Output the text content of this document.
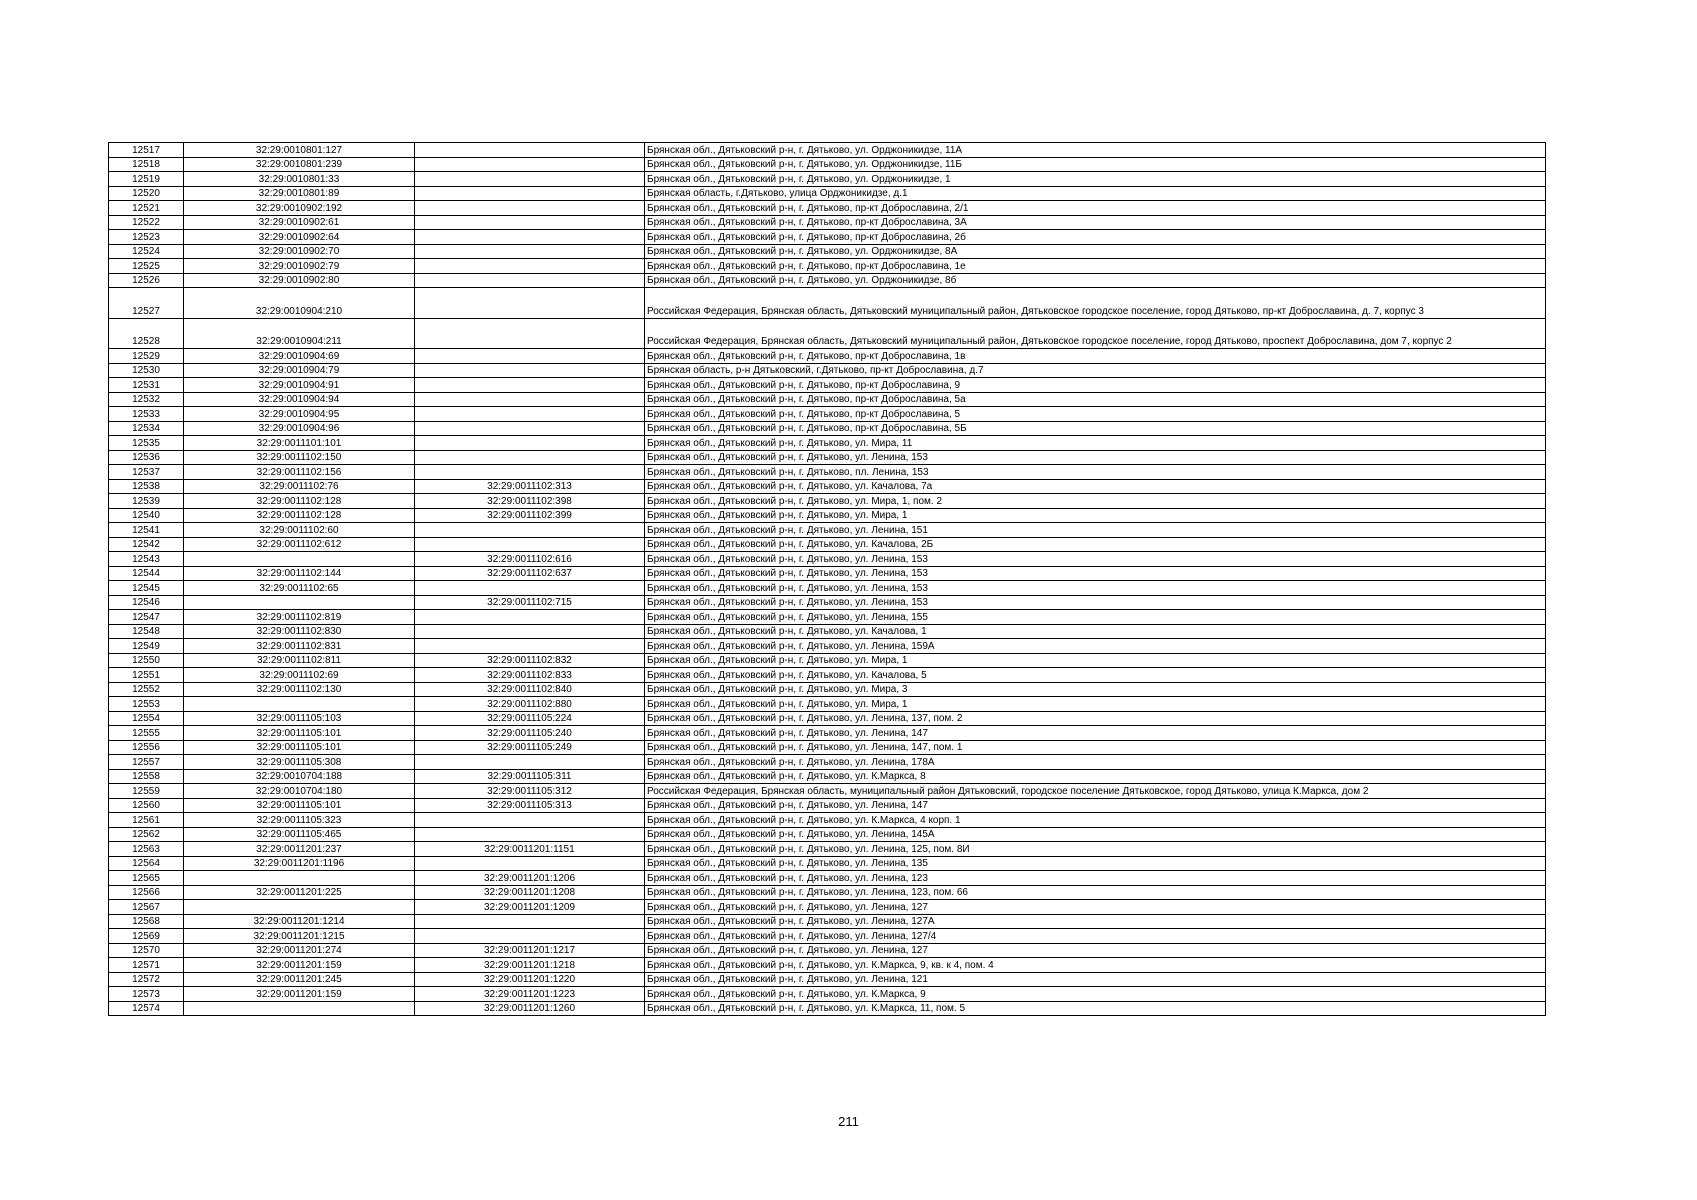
12517	32:29:0010801:127		Брянская обл., Дятьковский р-н, г. Дятьково, ул. Орджоникидзе, 11А
12518	32:29:0010801:239		Брянская обл., Дятьковский р-н, г. Дятьково, ул. Орджоникидзе, 11Б
12519	32:29:0010801:33		Брянская обл., Дятьковский р-н, г. Дятьково, ул. Орджоникидзе, 1
12520	32:29:0010801:89		Брянская область, г.Дятьково, улица Орджоникидзе, д.1
12521	32:29:0010902:192		Брянская обл., Дятьковский р-н, г. Дятьково, пр-кт Доброславина, 2/1
12522	32:29:0010902:61		Брянская обл., Дятьковский р-н, г. Дятьково, пр-кт Доброславина, 3А
12523	32:29:0010902:64		Брянская обл., Дятьковский р-н, г. Дятьково, пр-кт Доброславина, 2б
12524	32:29:0010902:70		Брянская обл., Дятьковский р-н, г. Дятьково, ул. Орджоникидзе, 8А
12525	32:29:0010902:79		Брянская обл., Дятьковский р-н, г. Дятьково, пр-кт Доброславина, 1е
12526	32:29:0010902:80		Брянская обл., Дятьковский р-н, г. Дятьково, ул. Орджоникидзе, 8б
12527	32:29:0010904:210		Российская Федерация, Брянская область, Дятьковский муниципальный район, Дятьковское городское поселение, город Дятьково, пр-кт Доброславина, д. 7, корпус 3
12528	32:29:0010904:211		Российская Федерация, Брянская область, Дятьковский муниципальный район, Дятьковское городское поселение, город Дятьково, проспект Доброславина, дом 7, корпус 2
12529	32:29:0010904:69		Брянская обл., Дятьковский р-н, г. Дятьково, пр-кт Доброславина, 1в
12530	32:29:0010904:79		Брянская область, р-н Дятьковский, г.Дятьково, пр-кт Доброславина, д.7
12531	32:29:0010904:91		Брянская обл., Дятьковский р-н, г. Дятьково, пр-кт Доброславина, 9
12532	32:29:0010904:94		Брянская обл., Дятьковский р-н, г. Дятьково, пр-кт Доброславина, 5а
12533	32:29:0010904:95		Брянская обл., Дятьковский р-н, г. Дятьково, пр-кт Доброславина, 5
12534	32:29:0010904:96		Брянская обл., Дятьковский р-н, г. Дятьково, пр-кт Доброславина, 5Б
12535	32:29:0011101:101		Брянская обл., Дятьковский р-н, г. Дятьково, ул. Мира, 11
12536	32:29:0011102:150		Брянская обл., Дятьковский р-н, г. Дятьково, ул. Ленина, 153
12537	32:29:0011102:156		Брянская обл., Дятьковский р-н, г. Дятьково, пл. Ленина, 153
12538	32:29:0011102:76	32:29:0011102:313	Брянская обл., Дятьковский р-н, г. Дятьково, ул. Качалова, 7а
12539	32:29:0011102:128	32:29:0011102:398	Брянская обл., Дятьковский р-н, г. Дятьково, ул. Мира, 1, пом. 2
12540	32:29:0011102:128	32:29:0011102:399	Брянская обл., Дятьковский р-н, г. Дятьково, ул. Мира, 1
12541	32:29:0011102:60		Брянская обл., Дятьковский р-н, г. Дятьково, ул. Ленина, 151
12542	32:29:0011102:612		Брянская обл., Дятьковский р-н, г. Дятьково, ул. Качалова, 2Б
12543		32:29:0011102:616	Брянская обл., Дятьковский р-н, г. Дятьково, ул. Ленина, 153
12544	32:29:0011102:144	32:29:0011102:637	Брянская обл., Дятьковский р-н, г. Дятьково, ул. Ленина, 153
12545	32:29:0011102:65		Брянская обл., Дятьковский р-н, г. Дятьково, ул. Ленина, 153
12546		32:29:0011102:715	Брянская обл., Дятьковский р-н, г. Дятьково, ул. Ленина, 153
12547	32:29:0011102:819		Брянская обл., Дятьковский р-н, г. Дятьково, ул. Ленина, 155
12548	32:29:0011102:830		Брянская обл., Дятьковский р-н, г. Дятьково, ул. Качалова, 1
12549	32:29:0011102:831		Брянская обл., Дятьковский р-н, г. Дятьково, ул. Ленина, 159А
12550	32:29:0011102:811	32:29:0011102:832	Брянская обл., Дятьковский р-н, г. Дятьково, ул. Мира, 1
12551	32:29:0011102:69	32:29:0011102:833	Брянская обл., Дятьковский р-н, г. Дятьково, ул. Качалова, 5
12552	32:29:0011102:130	32:29:0011102:840	Брянская обл., Дятьковский р-н, г. Дятьково, ул. Мира, 3
12553		32:29:0011102:880	Брянская обл., Дятьковский р-н, г. Дятьково, ул. Мира, 1
12554	32:29:0011105:103	32:29:0011105:224	Брянская обл., Дятьковский р-н, г. Дятьково, ул. Ленина, 137, пом. 2
12555	32:29:0011105:101	32:29:0011105:240	Брянская обл., Дятьковский р-н, г. Дятьково, ул. Ленина, 147
12556	32:29:0011105:101	32:29:0011105:249	Брянская обл., Дятьковский р-н, г. Дятьково, ул. Ленина, 147, пом. 1
12557	32:29:0011105:308		Брянская обл., Дятьковский р-н, г. Дятьково, ул. Ленина, 178А
12558	32:29:0010704:188	32:29:0011105:311	Брянская обл., Дятьковский р-н, г. Дятьково, ул. К.Маркса, 8
12559	32:29:0010704:180	32:29:0011105:312	Российская Федерация, Брянская область, муниципальный район Дятьковский, городское поселение Дятьковское, город Дятьково, улица К.Маркса, дом 2
12560	32:29:0011105:101	32:29:0011105:313	Брянская обл., Дятьковский р-н, г. Дятьково, ул. Ленина, 147
12561	32:29:0011105:323		Брянская обл., Дятьковский р-н, г. Дятьково, ул. К.Маркса, 4 корп. 1
12562	32:29:0011105:465		Брянская обл., Дятьковский р-н, г. Дятьково, ул. Ленина, 145А
12563	32:29:0011201:237	32:29:0011201:1151	Брянская обл., Дятьковский р-н, г. Дятьково, ул. Ленина, 125, пом. 8И
12564	32:29:0011201:1196		Брянская обл., Дятьковский р-н, г. Дятьково, ул. Ленина, 135
12565		32:29:0011201:1206	Брянская обл., Дятьковский р-н, г. Дятьково, ул. Ленина, 123
12566	32:29:0011201:225	32:29:0011201:1208	Брянская обл., Дятьковский р-н, г. Дятьково, ул. Ленина, 123, пом. 66
12567		32:29:0011201:1209	Брянская обл., Дятьковский р-н, г. Дятьково, ул. Ленина, 127
12568	32:29:0011201:1214		Брянская обл., Дятьковский р-н, г. Дятьково, ул. Ленина, 127А
12569	32:29:0011201:1215		Брянская обл., Дятьковский р-н, г. Дятьково, ул. Ленина, 127/4
12570	32:29:0011201:274	32:29:0011201:1217	Брянская обл., Дятьковский р-н, г. Дятьково, ул. Ленина, 127
12571	32:29:0011201:159	32:29:0011201:1218	Брянская обл., Дятьковский р-н, г. Дятьково, ул. К.Маркса, 9, кв. к 4, пом. 4
12572	32:29:0011201:245	32:29:0011201:1220	Брянская обл., Дятьковский р-н, г. Дятьково, ул. Ленина, 121
12573	32:29:0011201:159	32:29:0011201:1223	Брянская обл., Дятьковский р-н, г. Дятьково, ул. К.Маркса, 9
12574		32:29:0011201:1260	Брянская обл., Дятьковский р-н, г. Дятьково, ул. К.Маркса, 11, пом. 5
211
